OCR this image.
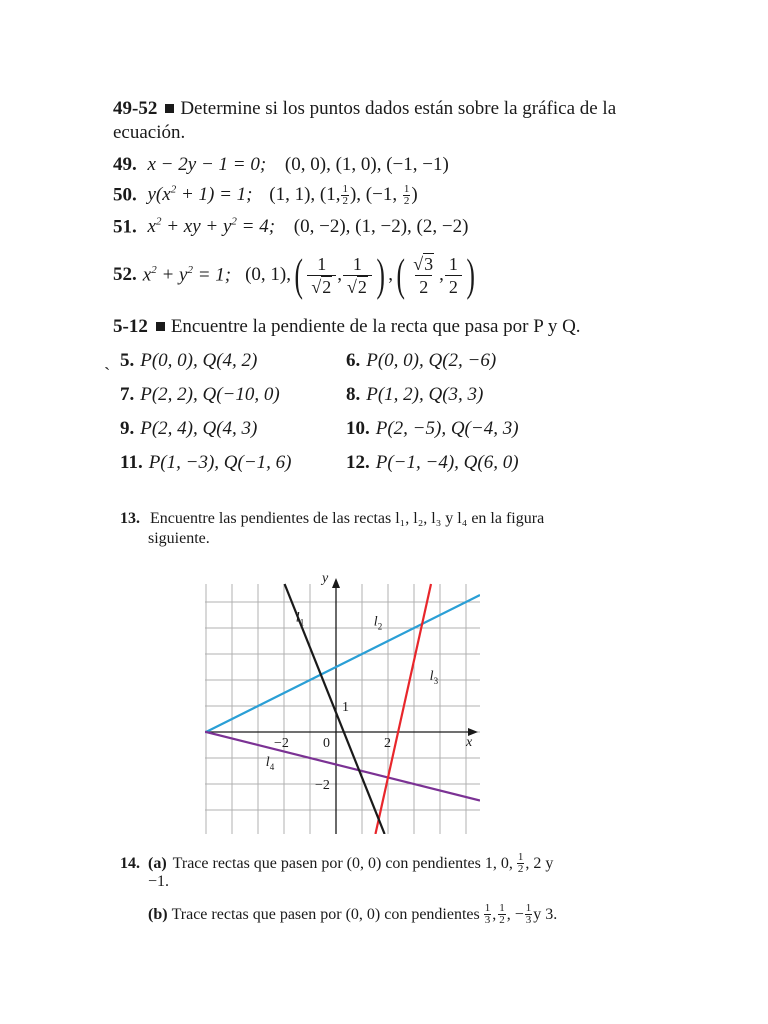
49-52 Determine si los puntos dados están sobre la gráfica de la
ecuación.
49. x − 2y − 1 = 0; (0, 0), (1, 0), (−1, −1)
50. $y(x^2 + 1) = 1$; (1, 1), (1, $\frac{1}{2}$ ), (−1, $\frac{1}{2}$ )
51. $x^2$ + xy + $y^2 = 4$; (0, −2), (1, −2), (2, −2)
52. $x^2 + y^2 = 1$; (0, 1), ( $\frac{1}{√2}$ , $\frac{1}{√2}$ ) , ( $\frac{√3}{2}$ , $\frac{1}{2}$ )
5-12 Encuentre la pendiente de la recta que pasa por P y Q.
ˎ 5. P(0, 0), Q(4, 2)	6. P(0, 0), Q(2, −6)
7. P(2, 2), Q(−10, 0)	8. P(1, 2), Q(3, 3)
9. P(2, 4), Q(4, 3)	10. P(2, −5), Q(−4, 3)
11. P(1, −3), Q(−1, 6)	12. P(−1, −4), Q(6, 0)
13. Encuentre las pendientes de las rectas l₁, l₂, l₃ y l₄ en la figura
siguiente.
y
x
−2 0	2
1
−2
l 1	l 2
l 3
l 4
14. (a) Trace rectas que pasen por (0, 0) con pendientes 1, 0, $\frac{1}{2}$ , 2 y
−1.
(b) Trace rectas que pasen por (0, 0) con pendientes $\frac{1}{3}$ , $\frac{1}{2}$ , − $\frac{1}{3}$ y 3.
